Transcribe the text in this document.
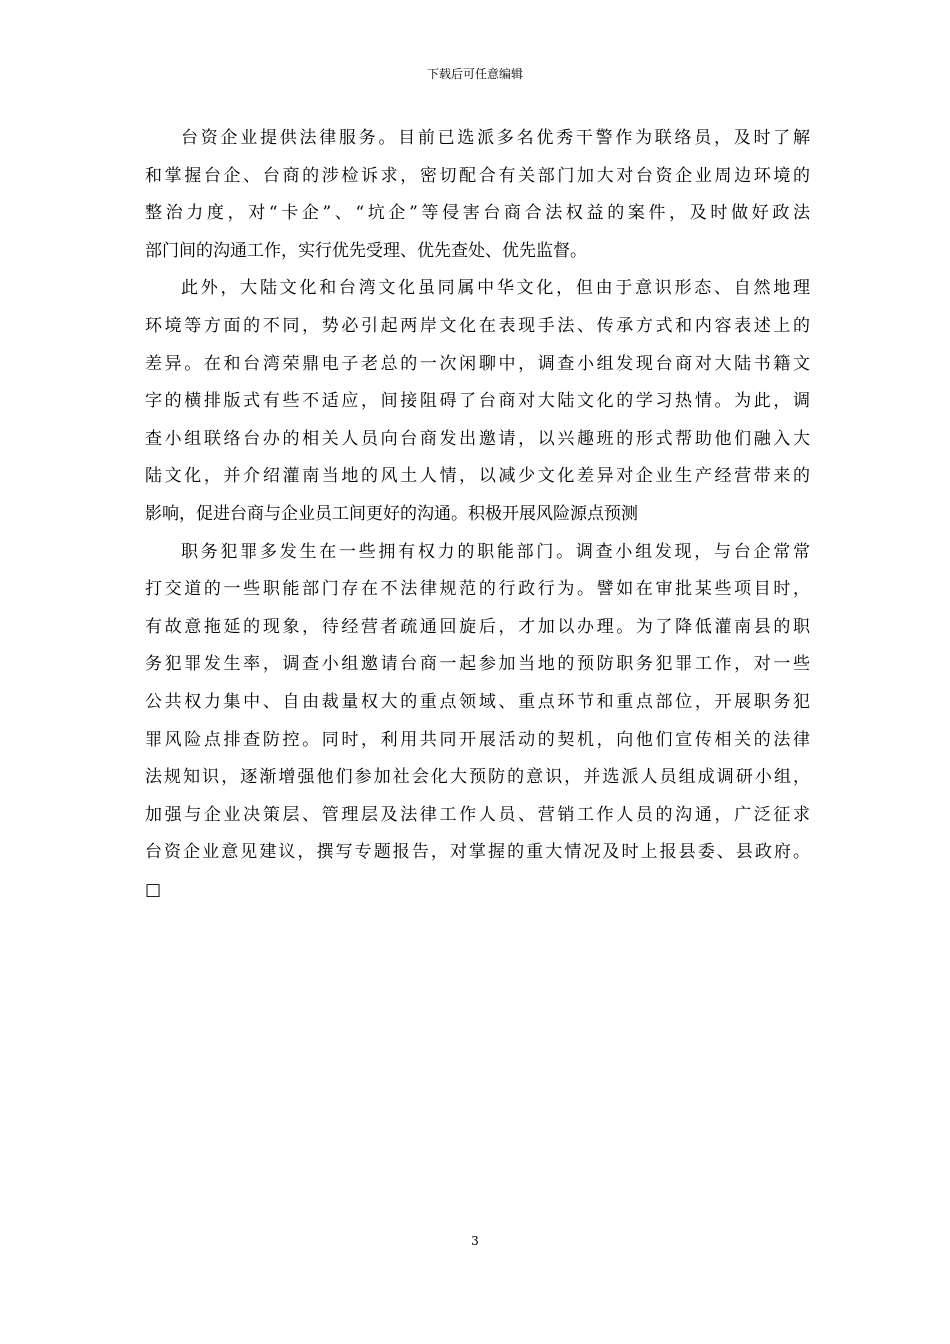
下载后可任意编辑
台资企业提供法律服务。目前已选派多名优秀干警作为联络员，及时了解
和掌握台企、台商的涉检诉求，密切配合有关部门加大对台资企业周边环境的
整治力度，对“卡企”、“坑企”等侵害台商合法权益的案件，及时做好政法
部门间的沟通工作，实行优先受理、优先查处、优先监督。
此外，大陆文化和台湾文化虽同属中华文化，但由于意识形态、自然地理
环境等方面的不同，势必引起两岸文化在表现手法、传承方式和内容表述上的
差异。在和台湾荣鼎电子老总的一次闲聊中，调查小组发现台商对大陆书籍文
字的横排版式有些不适应，间接阻碍了台商对大陆文化的学习热情。为此，调
查小组联络台办的相关人员向台商发出邀请，以兴趣班的形式帮助他们融入大
陆文化，并介绍灌南当地的风土人情，以减少文化差异对企业生产经营带来的
影响，促进台商与企业员工间更好的沟通。积极开展风险源点预测
职务犯罪多发生在一些拥有权力的职能部门。调查小组发现，与台企常常
打交道的一些职能部门存在不法律规范的行政行为。譬如在审批某些项目时，
有故意拖延的现象，待经营者疏通回旋后，才加以办理。为了降低灌南县的职
务犯罪发生率，调查小组邀请台商一起参加当地的预防职务犯罪工作，对一些
公共权力集中、自由裁量权大的重点领域、重点环节和重点部位，开展职务犯
罪风险点排查防控。同时，利用共同开展活动的契机，向他们宣传相关的法律
法规知识，逐渐增强他们参加社会化大预防的意识，并选派人员组成调研小组，
加强与企业决策层、管理层及法律工作人员、营销工作人员的沟通，广泛征求
台资企业意见建议，撰写专题报告，对掌握的重大情况及时上报县委、县政府。
□
3
